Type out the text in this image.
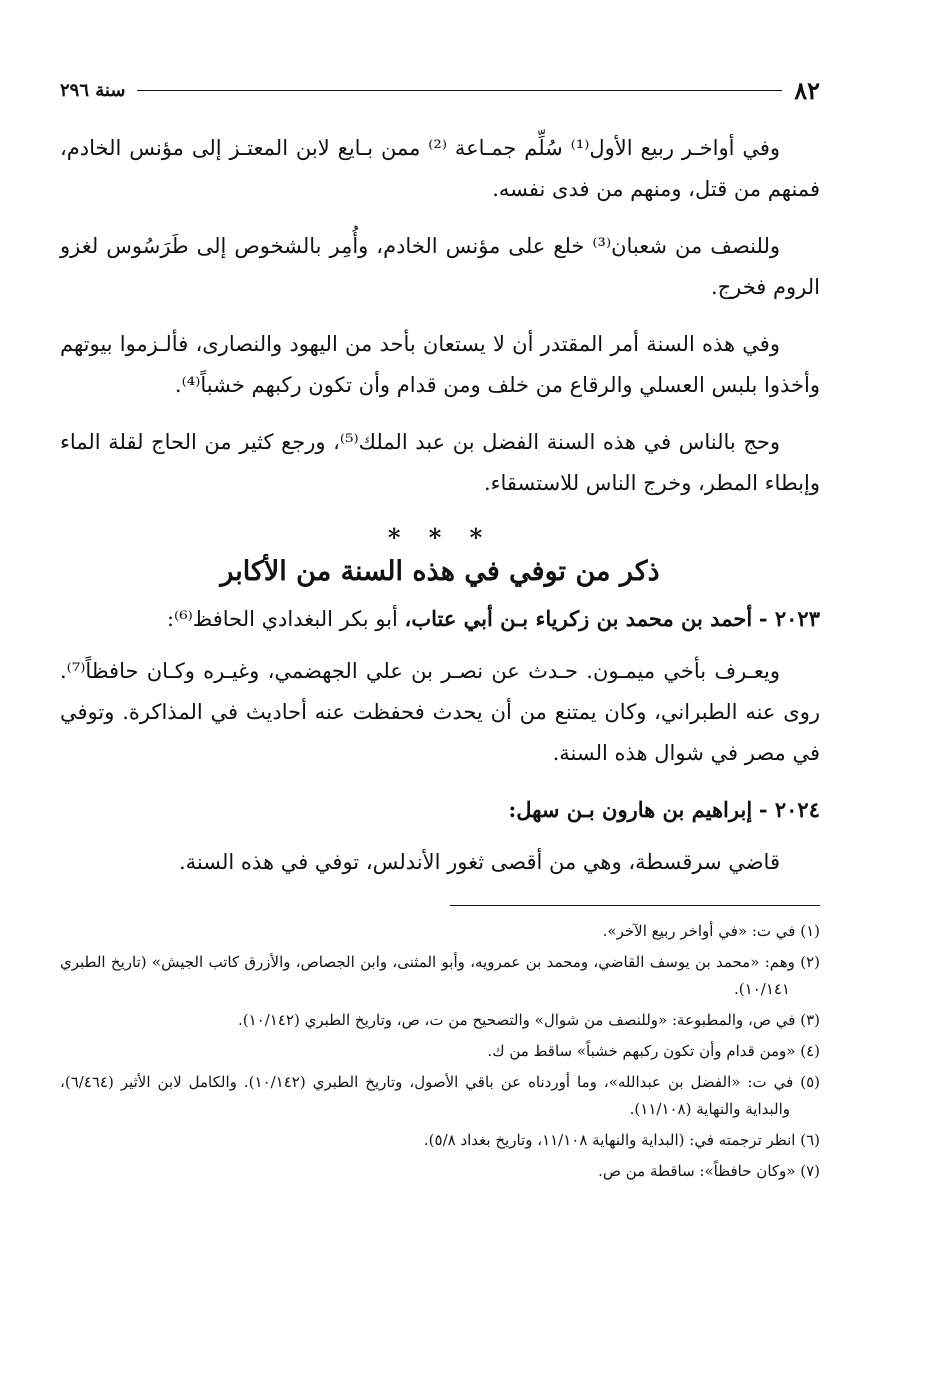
٨٢
سنة ٢٩٦

وفي أواخـر ربيع الأول⁽¹⁾ سُلِّم جمـاعة ⁽²⁾ ممن بـايع لابن المعتـز إلى مؤنس الخادم، فمنهم من قتل، ومنهم من فدى نفسه.

وللنصف من شعبان⁽³⁾ خلع على مؤنس الخادم، وأُمِر بالشخوص إلى طَرَسُوس لغزو الروم فخرج.

وفي هذه السنة أمر المقتدر أن لا يستعان بأحد من اليهود والنصارى، فألـزموا بيوتهم وأخذوا بلبس العسلي والرقاع من خلف ومن قدام وأن تكون ركبهم خشباً⁽⁴⁾.

وحج بالناس في هذه السنة الفضل بن عبد الملك⁽⁵⁾، ورجع كثير من الحاج لقلة الماء وإبطاء المطر، وخرج الناس للاستسقاء.

* * *
ذكر من توفي في هذه السنة من الأكابر
٢٠٢٣ - أحمد بن محمد بن زكرياء بـن أبي عتاب، أبو بكر البغدادي الحافظ⁽⁶⁾:

ويعـرف بأخي ميمـون. حـدث عن نصـر بن علي الجهضمي، وغيـره وكـان حافظاً⁽⁷⁾. روى عنه الطبراني، وكان يمتنع من أن يحدث فحفظت عنه أحاديث في المذاكرة. وتوفي في مصر في شوال هذه السنة.

٢٠٢٤ - إبراهيم بن هارون بـن سهل:

قاضي سرقسطة، وهي من أقصى ثغور الأندلس، توفي في هذه السنة.

(١) في ت: «في أواخر ربيع الآخر».
(٢) وهم: «محمد بن يوسف القاضي، ومحمد بن عمرويه، وأبو المثنى، وابن الجصاص، والأزرق كاتب الجيش» (تاريخ الطبري ١٠/١٤١).
(٣) في ص، والمطبوعة: «وللنصف من شوال» والتصحيح من ت، ص، وتاريخ الطبري (١٠/١٤٢).
(٤) «ومن قدام وأن تكون ركبهم خشباً» ساقط من ك.
(٥) في ت: «الفضل بن عبدالله»، وما أوردناه عن باقي الأصول، وتاريخ الطبري (١٠/١٤٢). والكامل لابن الأثير (٦/٤٦٤)، والبداية والنهاية (١١/١٠٨).
(٦) انظر ترجمته في: (البداية والنهاية ١١/١٠٨، وتاريخ بغداد ٥/٨).
(٧) «وكان حافظاً»: ساقطة من ص.
